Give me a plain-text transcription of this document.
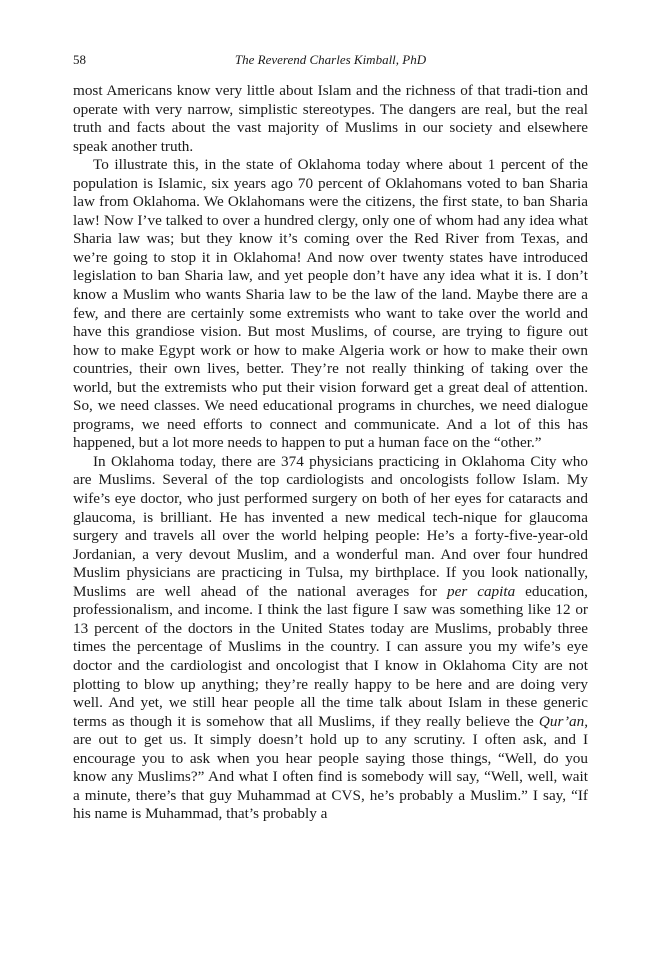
58	The Reverend Charles Kimball, PhD

most Americans know very little about Islam and the richness of that tradi-tion and operate with very narrow, simplistic stereotypes. The dangers are real, but the real truth and facts about the vast majority of Muslims in our society and elsewhere speak another truth.

To illustrate this, in the state of Oklahoma today where about 1 percent of the population is Islamic, six years ago 70 percent of Oklahomans voted to ban Sharia law from Oklahoma. We Oklahomans were the citizens, the first state, to ban Sharia law! Now I’ve talked to over a hundred clergy, only one of whom had any idea what Sharia law was; but they know it’s coming over the Red River from Texas, and we’re going to stop it in Oklahoma! And now over twenty states have introduced legislation to ban Sharia law, and yet people don’t have any idea what it is. I don’t know a Muslim who wants Sharia law to be the law of the land. Maybe there are a few, and there are certainly some extremists who want to take over the world and have this grandiose vision. But most Muslims, of course, are trying to figure out how to make Egypt work or how to make Algeria work or how to make their own countries, their own lives, better. They’re not really thinking of taking over the world, but the extremists who put their vision forward get a great deal of attention. So, we need classes. We need educational programs in churches, we need dialogue programs, we need efforts to connect and communicate. And a lot of this has happened, but a lot more needs to happen to put a human face on the “other.”

In Oklahoma today, there are 374 physicians practicing in Oklahoma City who are Muslims. Several of the top cardiologists and oncologists follow Islam. My wife’s eye doctor, who just performed surgery on both of her eyes for cataracts and glaucoma, is brilliant. He has invented a new medical tech-nique for glaucoma surgery and travels all over the world helping people: He’s a forty-five-year-old Jordanian, a very devout Muslim, and a wonderful man. And over four hundred Muslim physicians are practicing in Tulsa, my birthplace. If you look nationally, Muslims are well ahead of the national averages for per capita education, professionalism, and income. I think the last figure I saw was something like 12 or 13 percent of the doctors in the United States today are Muslims, probably three times the percentage of Muslims in the country. I can assure you my wife’s eye doctor and the cardiologist and oncologist that I know in Oklahoma City are not plotting to blow up anything; they’re really happy to be here and are doing very well. And yet, we still hear people all the time talk about Islam in these generic terms as though it is somehow that all Muslims, if they really believe the Qur’an, are out to get us. It simply doesn’t hold up to any scrutiny. I often ask, and I encourage you to ask when you hear people saying those things, “Well, do you know any Muslims?” And what I often find is somebody will say, “Well, well, wait a minute, there’s that guy Muhammad at CVS, he’s probably a Muslim.” I say, “If his name is Muhammad, that’s probably a
